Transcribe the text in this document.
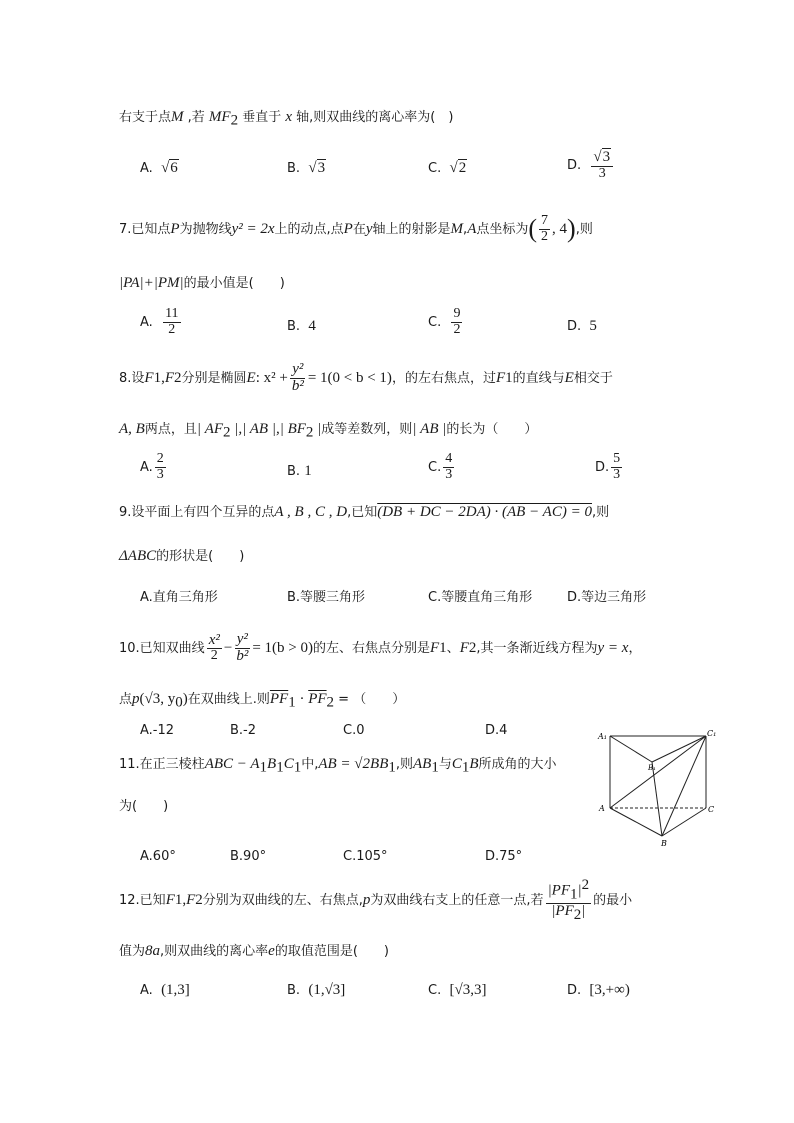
右支于点M ,若 $MF_2$ 垂直于 x 轴,则双曲线的离心率为(　)
A.
√6	B.
√3	C.
√2	D.
$\frac{√3}{3}$
7.已知点 P 为抛物线 y² = 2x 上的动点,点 P 在 y 轴上的射影是 M , A 点坐标为 ( $\frac{7}{2}$ , 4 ) ,则
|PA|+|PM|的最小值是(　　)
A.
$\frac{11}{2}$	B.
4	C.
$\frac{9}{2}$	D.
5
8.设 F 1 , F 2 分别是椭圆 E : $x^2 + \frac{\text{y²}}{\text{b²}} = 1(0 < b < 1)$ ，的左右焦点，过 F 1 的直线与 E 相交于
A, B两点，且| $AF_2$ |,| AB |,| $BF_2$ |成等差数列，则| AB |的长为（　　）
A. $\frac{2}{3}$	B.
1	C. $\frac{4}{3}$	D. $\frac{5}{3}$
9.设平面上有四个互异的点A , B , C , D,已知(DB + DC − 2DA) · (AB − AC) = 0,则
ΔABC的形状是(　　)
A.直角三角形	B.等腰三角形	C.等腰直角三角形	D.等边三角形
10.已知双曲线 $\frac{\text{x²}}{2} - \frac{\text{y²}}{\text{b²}} = 1(b > 0)$ 的左、右焦点分别是 F 1 、 F 2 ,其一条渐近线方程为 y = x ，
点p(√3, $y_0$)在双曲线上.则$\overline{PF}_1 \cdot \overline{PF}_2$ = （　　）
A.-12	B.-2	C.0	D.4
11.在正三棱柱ABC − $A_1B_1C_1$中$,AB = √2BB_1$,则$AB_1$与$C_1B$所成角的大小
为(　　)
A.60°	B.90°	C.105°	D.75°
A₁	C₁
B₁
A	C
B
12.已知 F 1 , F 2 分别为双曲线的左、右焦点, p 为双曲线右支上的任意一点,若 $\frac{|PF_1|^2}{|PF_2|}$ 的最小
值为8a,则双曲线的离心率e的取值范围是(　　)
A.
(1,3]	B.
(1,√3]	C.
[√3,3]	D.
[3,+∞)
